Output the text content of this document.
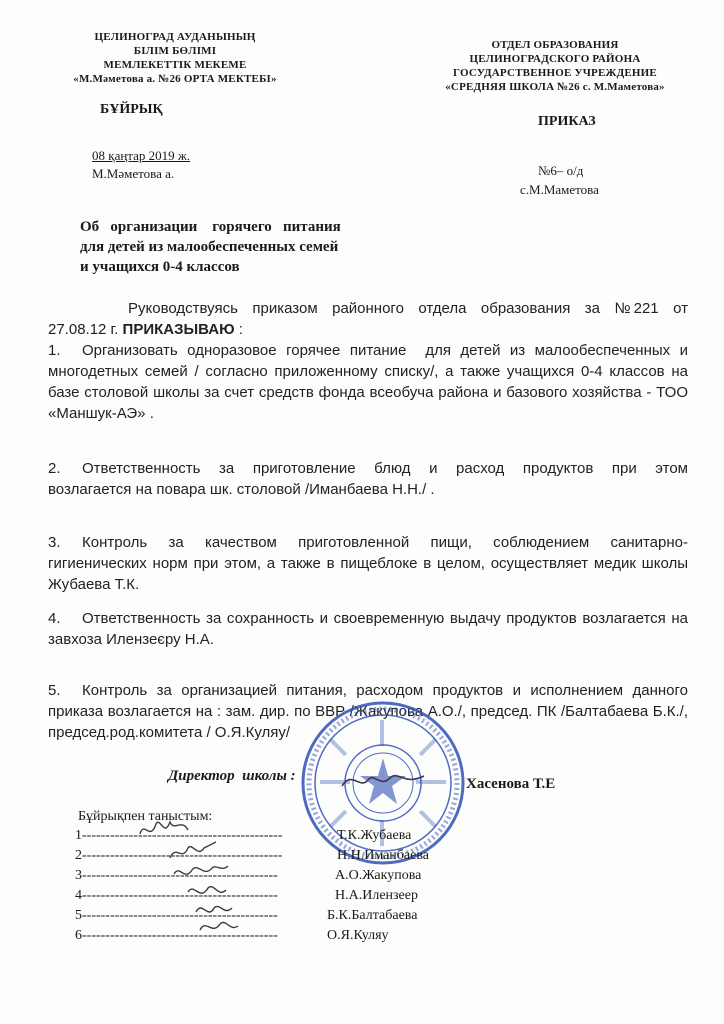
ЦЕЛИНОГРАД АУДАНЫНЫҢ
БІЛІМ БӨЛІМІ
МЕМЛЕКЕТТІК МЕКЕМЕ
«М.Мәметова а. №26 ОРТА МЕКТЕБІ»
ОТДЕЛ ОБРАЗОВАНИЯ
ЦЕЛИНОГРАДСКОГО РАЙОНА
ГОСУДАРСТВЕННОЕ УЧРЕЖДЕНИЕ
«СРЕДНЯЯ ШКОЛА №26 с. М.Маметова»
БҰЙРЫҚ
ПРИКАЗ
08 қаңтар 2019 ж.
М.Мәметова а.	№6– о/д
с.М.Маметова
Об   организации    горячего   питания
для детей из малообеспеченных семей
и учащихся 0-4 классов
Руководствуясь  приказом  районного  отдела  образования  за  №221  от 27.08.12 г. ПРИКАЗЫВАЮ :
1. Организовать одноразовое горячее питание  для детей из малообеспеченных и многодетных семей / согласно приложенному списку/, а также учащихся 0-4 классов на базе столовой школы за счет средств фонда всеобуча района и базового хозяйства - ТОО «Маншук-АЭ» .
2. Ответственность  за  приготовление  блюд  и  расход  продуктов  при  этом возлагается на повара шк. столовой /Иманбаева Н.Н./ .
3. Контроль  за  качеством  приготовленной  пищи,  соблюдением  санитарно-гигиенических норм при этом, а также в пищеблоке в целом, осуществляет медик школы Жубаева Т.К.
4. Ответственность за сохранность и своевременную выдачу продуктов возлагается на завхоза Илензеєру Н.А.
5. Контроль за организацией питания, расходом продуктов и исполнением данного приказа возлагается на : зам. дир. по ВВР /Жакупова А.О./, председ. ПК /Балтабаева Б.К./, председ.род.комитета / О.Я.Куляу/
Директор  школы :	Хасенова Т.Е
Бұйрықпен таныстым:
1-------------------------------------------	Т.К.Жубаева
2-------------------------------------------	Н.Н.Иманбаева
3------------------------------------------	А.О.Жакупова
4------------------------------------------	Н.А.Илензеер
5------------------------------------------	Б.К.Балтабаева
6------------------------------------------	О.Я.Куляу
